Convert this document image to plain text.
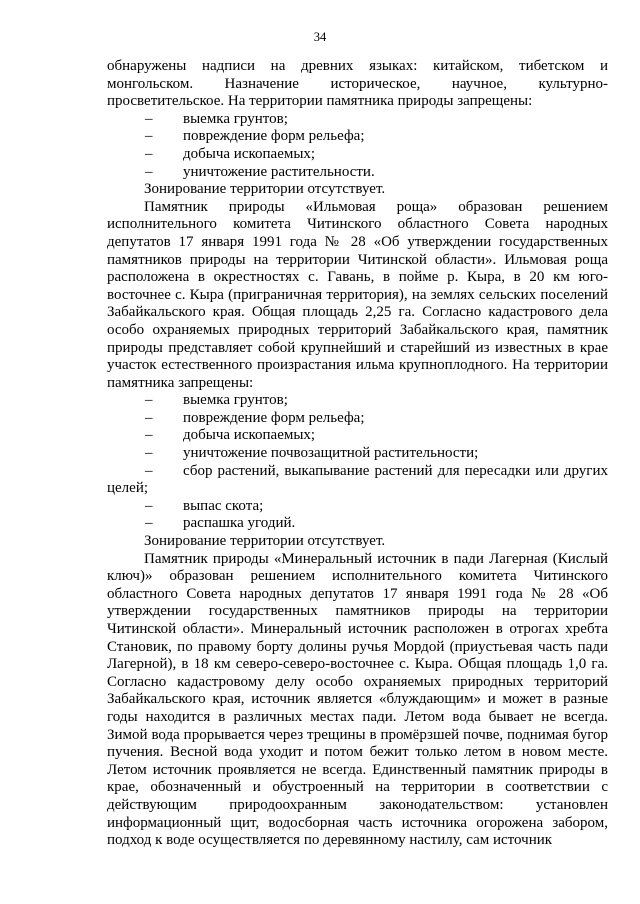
34

обнаружены надписи на древних языках: китайском, тибетском и монгольском. Назначение историческое, научное, культурно-просветительское. На территории памятника природы запрещены:

– выемка грунтов;

– повреждение форм рельефа;

– добыча ископаемых;

– уничтожение растительности.

Зонирование территории отсутствует.

Памятник природы «Ильмовая роща» образован решением исполнительного комитета Читинского областного Совета народных депутатов 17 января 1991 года № 28 «Об утверждении государственных памятников природы на территории Читинской области». Ильмовая роща расположена в окрестностях с. Гавань, в пойме р. Кыра, в 20 км юго-восточнее с. Кыра (приграничная территория), на землях сельских поселений Забайкальского края. Общая площадь 2,25 га. Согласно кадастрового дела особо охраняемых природных территорий Забайкальского края, памятник природы представляет собой крупнейший и старейший из известных в крае участок естественного произрастания ильма крупноплодного. На территории памятника запрещены:

– выемка грунтов;

– повреждение форм рельефа;

– добыча ископаемых;

– уничтожение почвозащитной растительности;

– сбор растений, выкапывание растений для пересадки или других целей;

– выпас скота;

– распашка угодий.

Зонирование территории отсутствует.

Памятник природы «Минеральный источник в пади Лагерная (Кислый ключ)» образован решением исполнительного комитета Читинского областного Совета народных депутатов 17 января 1991 года № 28 «Об утверждении государственных памятников природы на территории Читинской области». Минеральный источник расположен в отрогах хребта Становик, по правому борту долины ручья Мордой (приустьевая часть пади Лагерной), в 18 км северо-северо-восточнее с. Кыра. Общая площадь 1,0 га. Согласно кадастровому делу особо охраняемых природных территорий Забайкальского края, источник является «блуждающим» и может в разные годы находится в различных местах пади. Летом вода бывает не всегда. Зимой вода прорывается через трещины в промёрзшей почве, поднимая бугор пучения. Весной вода уходит и потом бежит только летом в новом месте. Летом источник проявляется не всегда. Единственный памятник природы в крае, обозначенный и обустроенный на территории в соответствии с действующим природоохранным законодательством: установлен информационный щит, водосборная часть источника огорожена забором, подход к воде осуществляется по деревянному настилу, сам источник
